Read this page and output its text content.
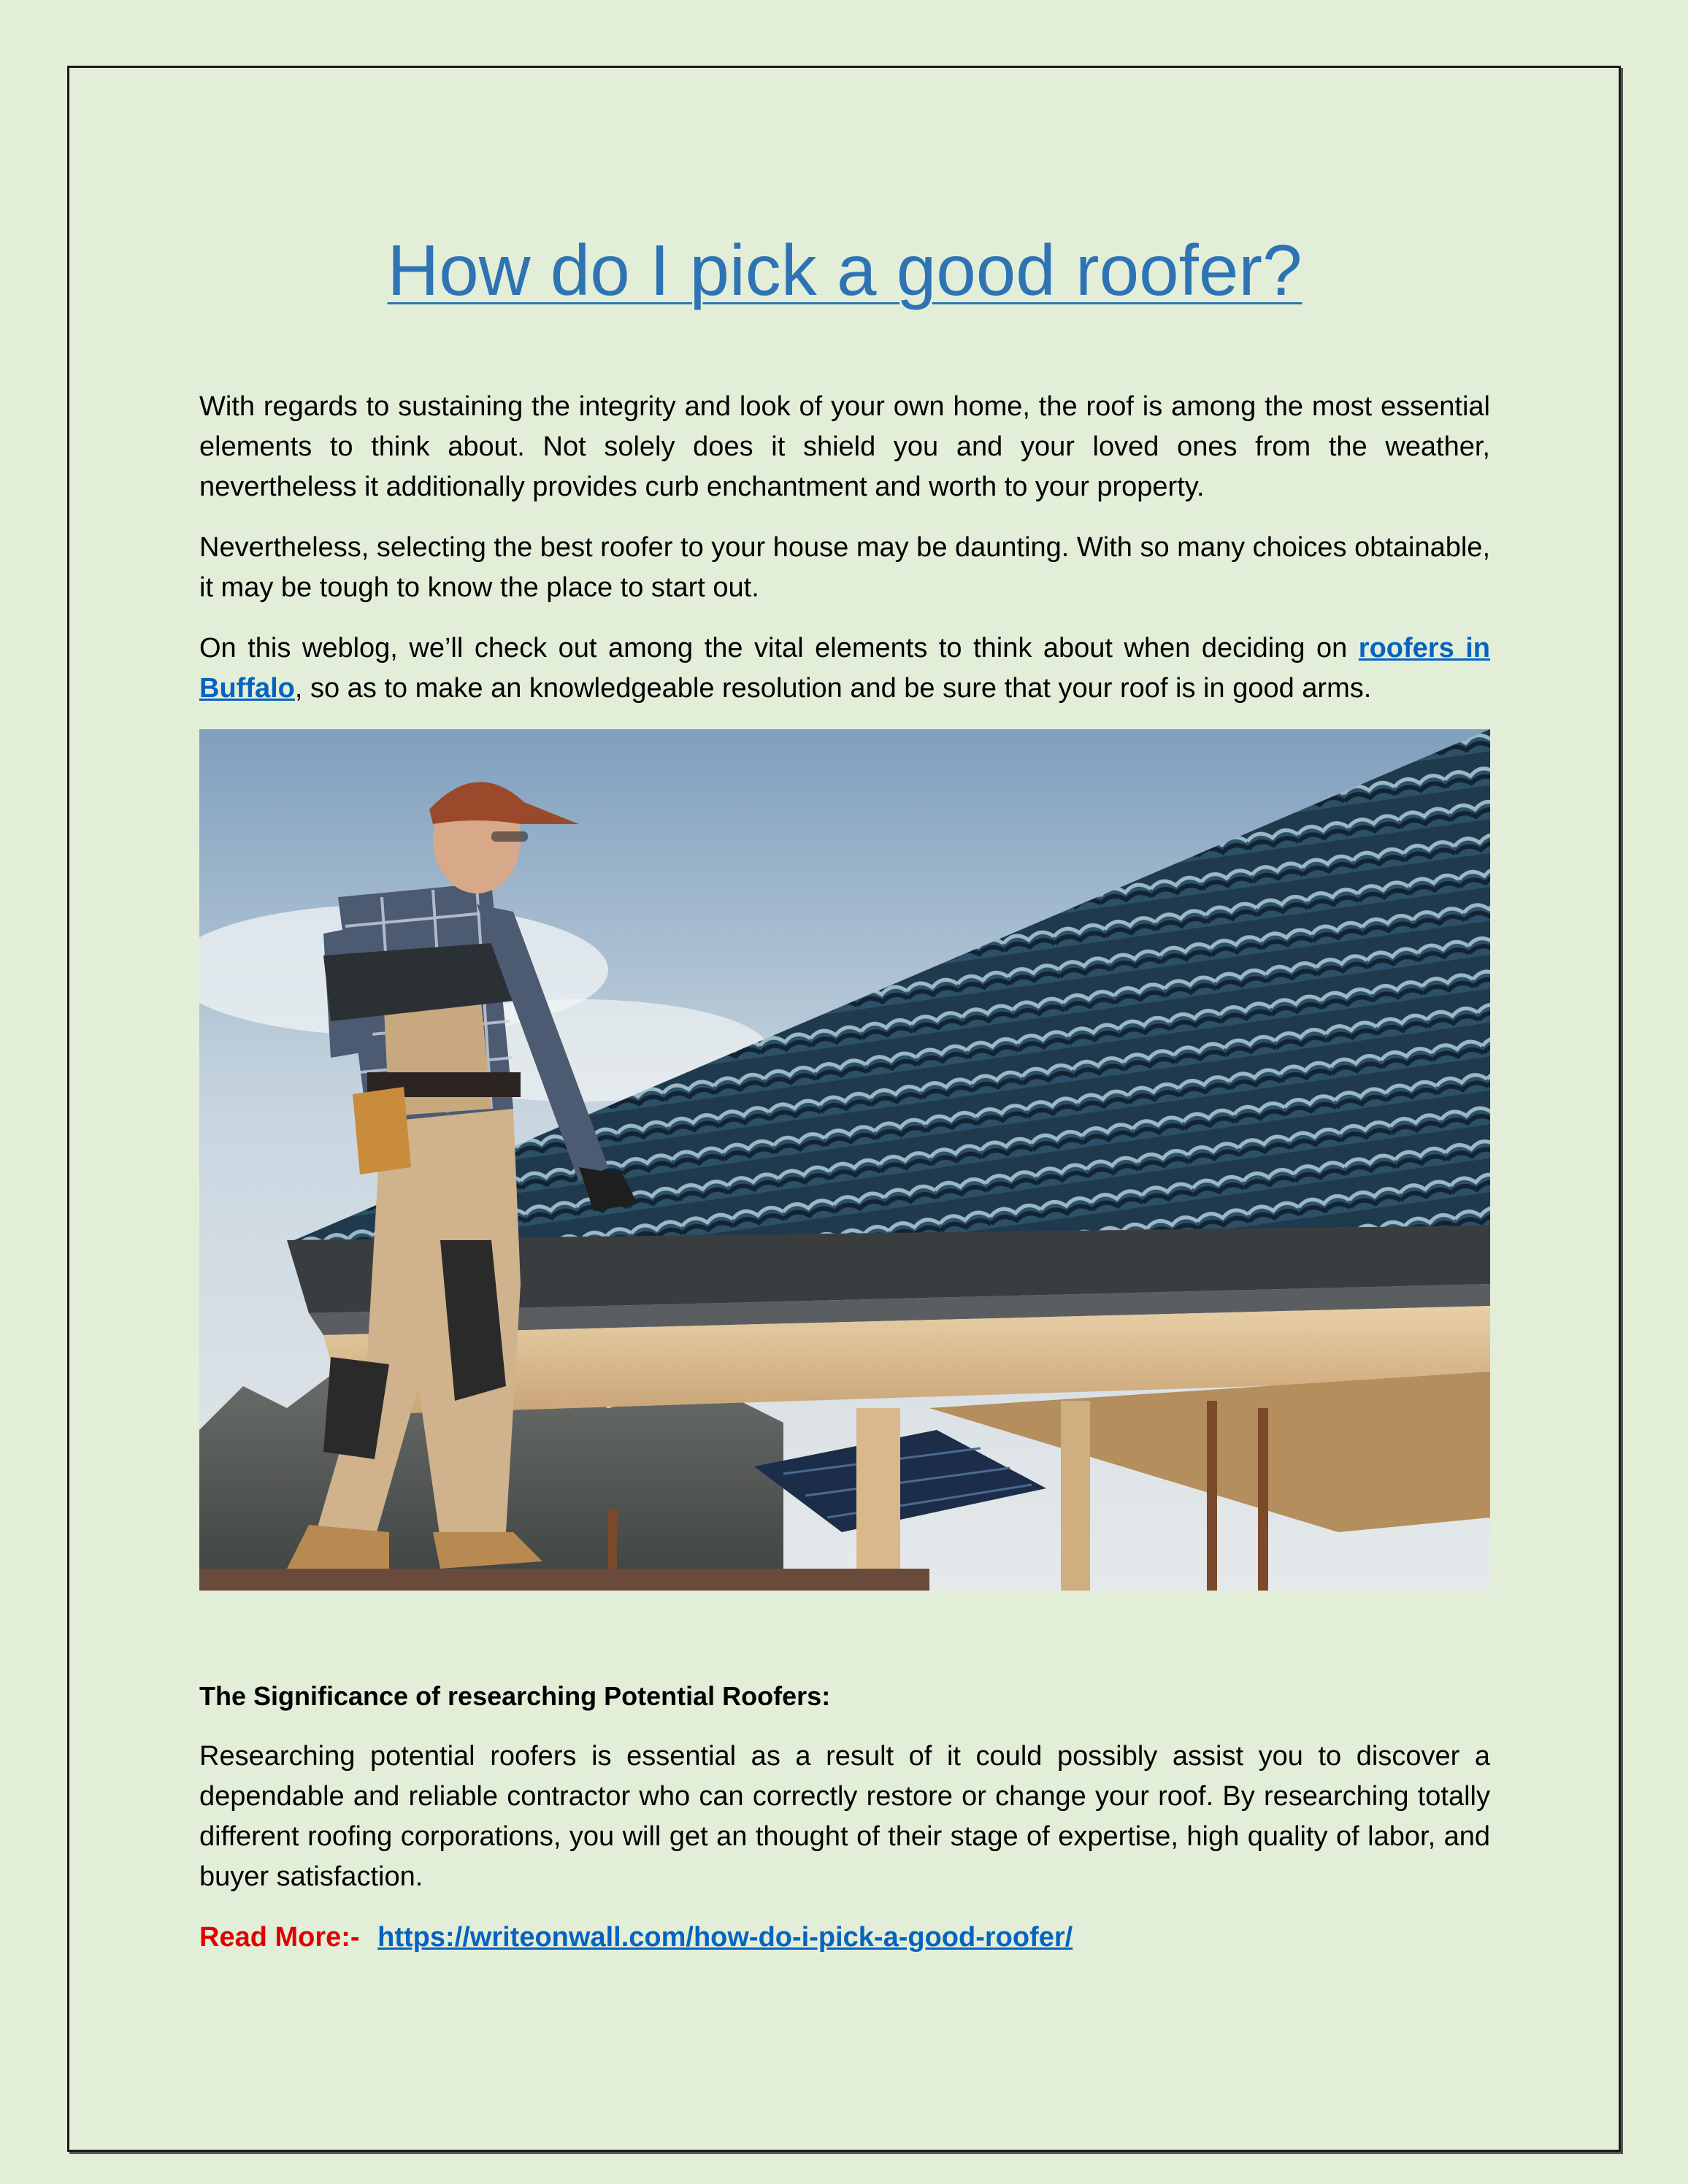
How do I pick a good roofer?

With regards to sustaining the integrity and look of your own home, the roof is among the most essential elements to think about. Not solely does it shield you and your loved ones from the weather, nevertheless it additionally provides curb enchantment and worth to your property.

Nevertheless, selecting the best roofer to your house may be daunting. With so many choices obtainable, it may be tough to know the place to start out.

On this weblog, we’ll check out among the vital elements to think about when deciding on roofers in Buffalo, so as to make an knowledgeable resolution and be sure that your roof is in good arms.

The Significance of researching Potential Roofers:

Researching potential roofers is essential as a result of it could possibly assist you to discover a dependable and reliable contractor who can correctly restore or change your roof. By researching totally different roofing corporations, you will get an thought of their stage of expertise, high quality of labor, and buyer satisfaction.

Read More:- https://writeonwall.com/how-do-i-pick-a-good-roofer/
